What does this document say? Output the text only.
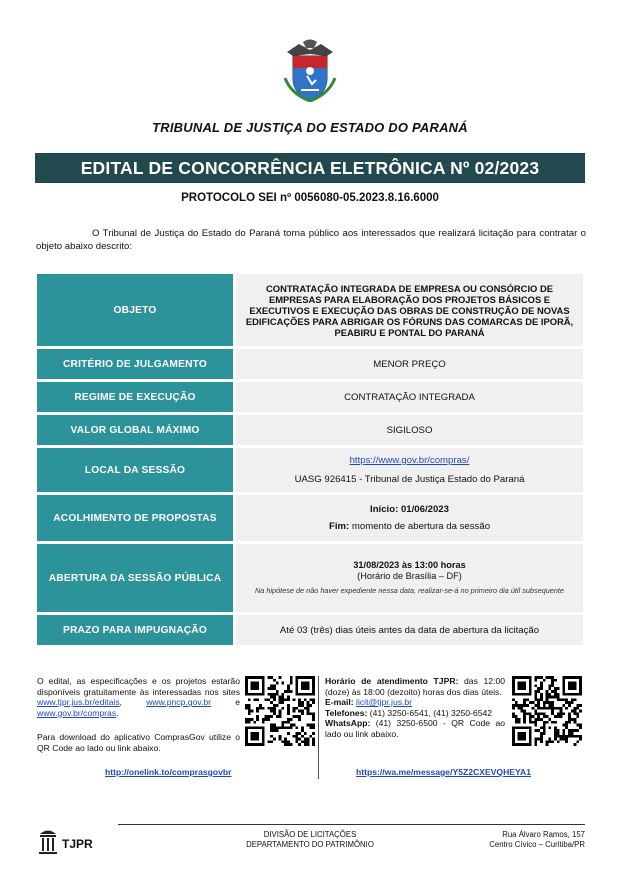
TRIBUNAL DE JUSTIÇA DO ESTADO DO PARANÁ
EDITAL DE CONCORRÊNCIA ELETRÔNICA Nº 02/2023
PROTOCOLO SEI nº 0056080-05.2023.8.16.6000
O Tribunal de Justiça do Estado do Paraná torna público aos interessados que realizará licitação para contratar o objeto abaixo descrito:
OBJETO	CONTRATAÇÃO INTEGRADA DE EMPRESA OU CONSÓRCIO DE EMPRESAS PARA ELABORAÇÃO DOS PROJETOS BÁSICOS E EXECUTIVOS E EXECUÇÃO DAS OBRAS DE CONSTRUÇÃO DE NOVAS EDIFICAÇÕES PARA ABRIGAR OS FÓRUNS DAS COMARCAS DE IPORÃ, PEABIRU E PONTAL DO PARANÁ
CRITÉRIO DE JULGAMENTO	MENOR PREÇO
REGIME DE EXECUÇÃO	CONTRATAÇÃO INTEGRADA
VALOR GLOBAL MÁXIMO	SIGILOSO
LOCAL DA SESSÃO	https://www.gov.br/compras/
UASG 926415 - Tribunal de Justiça Estado do Paraná
ACOLHIMENTO DE PROPOSTAS	Início: 01/06/2023
Fim: momento de abertura da sessão
ABERTURA DA SESSÃO PÚBLICA	31/08/2023 às 13:00 horas
(Horário de Brasília – DF)
Na hipótese de não haver expediente nessa data, realizar-se-á no primeiro dia útil subsequente

PRAZO PARA IMPUGNAÇÃO	Até 03 (três) dias úteis antes da data de abertura da licitação
O edital, as especificações e os projetos estarão disponíveis gratuitamente às interessadas nos sites www.tjpr.jus.br/editais, www.pncp.gov.br e www.gov.br/compras.
Para download do aplicativo ComprasGov utilize o QR Code ao lado ou link abaixo.
Horário de atendimento TJPR: das 12:00 (doze) às 18:00 (dezoito) horas dos dias úteis.
E-mail: licit@tjpr.jus.br
Telefones: (41) 3250-6541, (41) 3250-6542
WhatsApp: (41) 3250-6500 - QR Code ao lado ou link abaixo.
http://onelink.to/comprasgovbr	https://wa.me/message/Y5Z2CXEVQHEYA1
TJPR
DIVISÃO DE LICITAÇÕES
DEPARTAMENTO DO PATRIMÔNIO
Rua Álvaro Ramos, 157
Centro Cívico – Curitiba/PR
